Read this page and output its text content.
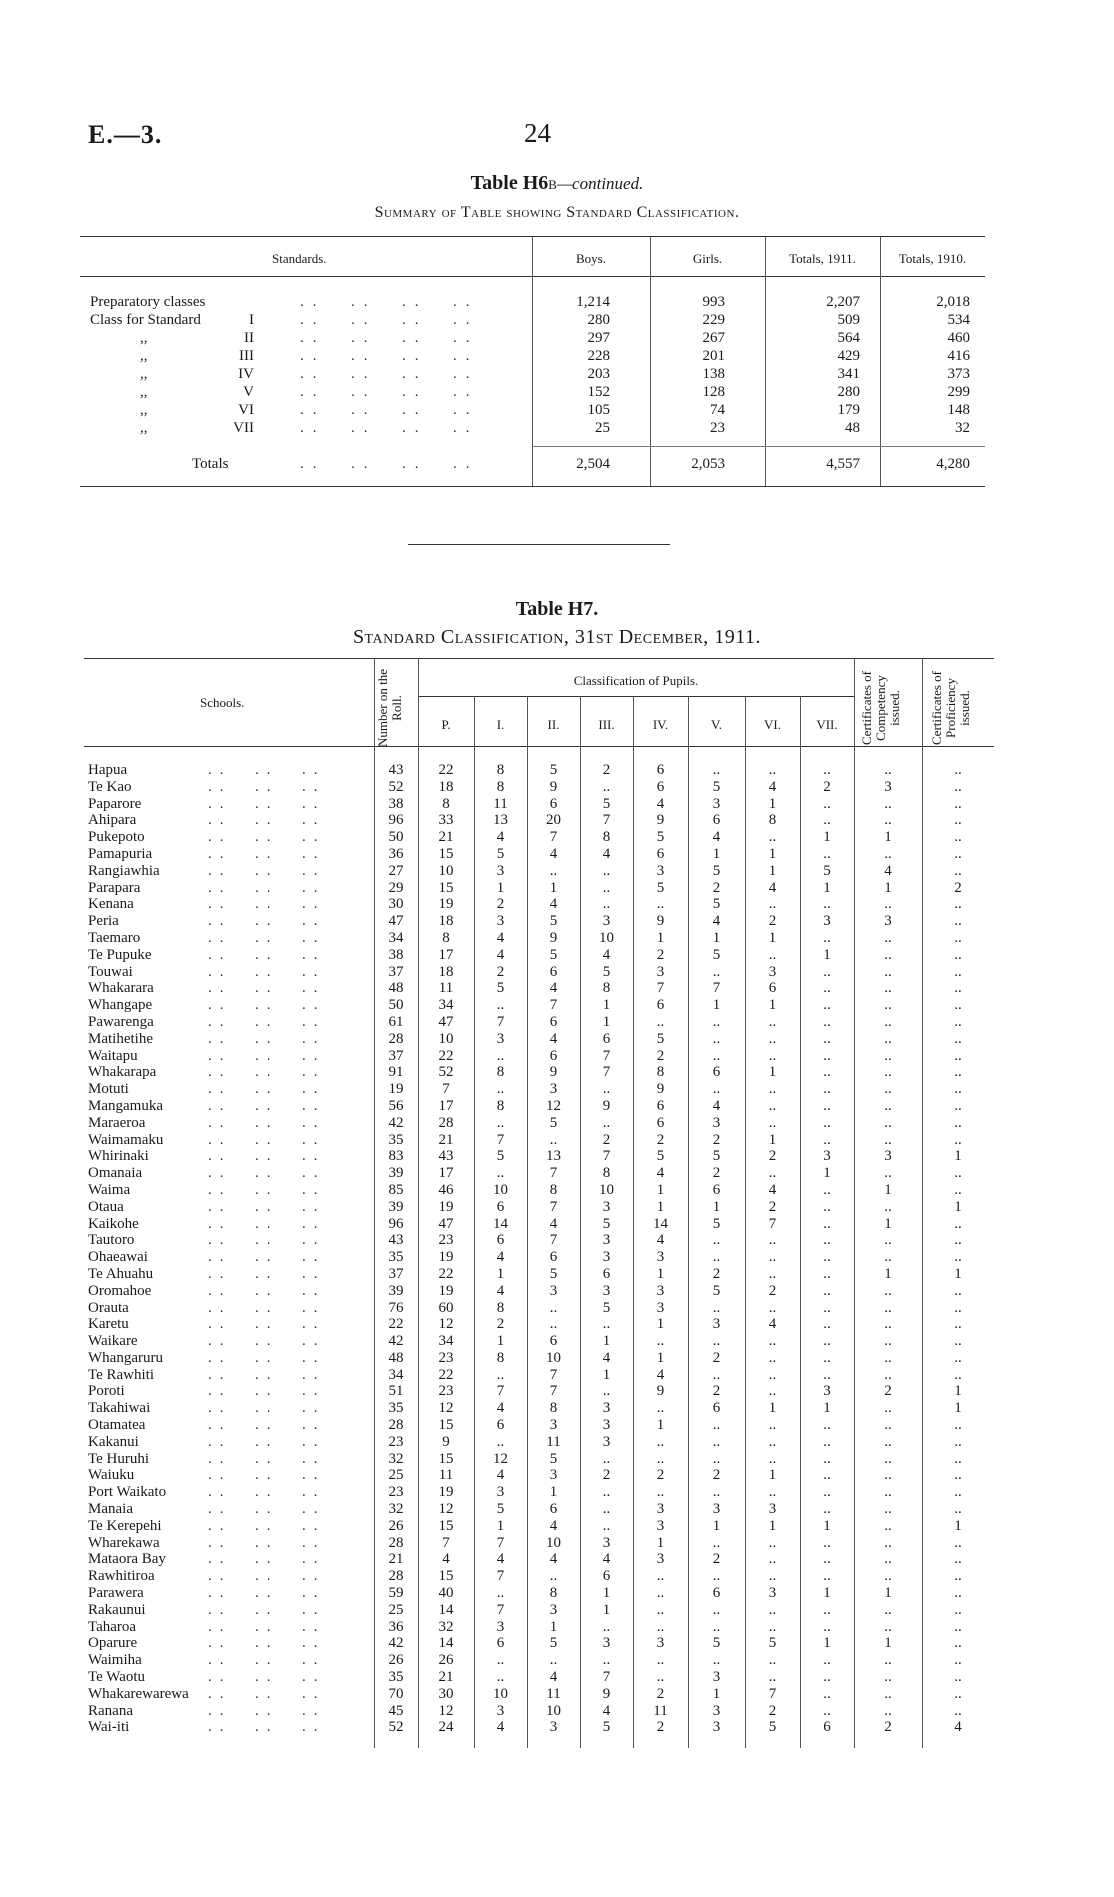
E.—3.	24
Table H6B—continued.
Summary of Table showing Standard Classification.
Standards.	Boys.	Girls.	Totals, 1911.	Totals, 1910.
Preparatory classes	..  ..  ..  ..	1,214	993	2,207	2,018
Class for Standard	I	..  ..  ..  ..	280	229	509	534
,,	II	..  ..  ..  ..	297	267	564	460
,,	III	..  ..  ..  ..	228	201	429	416
,,	IV	..  ..  ..  ..	203	138	341	373
,,	V	..  ..  ..  ..	152	128	280	299
,,	VI	..  ..  ..  ..	105	74	179	148
,,	VII	..  ..  ..  ..	25	23	48	32
Totals	..  ..  ..  ..	2,504	2,053	4,557	4,280
Table H7.
Standard Classification, 31st December, 1911.
Schools.	Number on the Roll.
Classification of Pupils.
P.	I.	II.	III.	IV.	V.	VI.	VII.	Certificates of Competency issued.	Certificates of Proficiency issued.
Hapua ..  ..  ..	43	22	8	5	2	6	..	..	..	..	..
Te Kao ..  ..  ..	52	18	8	9	..	6	5	4	2	3	..
Paparore ..  ..  ..	38	8	11	6	5	4	3	1	..	..	..
Ahipara ..  ..  ..	96	33	13	20	7	9	6	8	..	..	..
Pukepoto ..  ..  ..	50	21	4	7	8	5	4	..	1	1	..
Pamapuria ..  ..  ..	36	15	5	4	4	6	1	1	..	..	..
Rangiawhia ..  ..  ..	27	10	3	..	..	3	5	1	5	4	..
Parapara ..  ..  ..	29	15	1	1	..	5	2	4	1	1	2
Kenana ..  ..  ..	30	19	2	4	..	..	5	..	..	..	..
Peria ..  ..  ..	47	18	3	5	3	9	4	2	3	3	..
Taemaro ..  ..  ..	34	8	4	9	10	1	1	1	..	..	..
Te Pupuke ..  ..  ..	38	17	4	5	4	2	5	..	1	..	..
Touwai ..  ..  ..	37	18	2	6	5	3	..	3	..	..	..
Whakarara ..  ..  ..	48	11	5	4	8	7	7	6	..	..	..
Whangape ..  ..  ..	50	34	..	7	1	6	1	1	..	..	..
Pawarenga ..  ..  ..	61	47	7	6	1	..	..	..	..	..	..
Matihetihe ..  ..  ..	28	10	3	4	6	5	..	..	..	..	..
Waitapu ..  ..  ..	37	22	..	6	7	2	..	..	..	..	..
Whakarapa ..  ..  ..	91	52	8	9	7	8	6	1	..	..	..
Motuti ..  ..  ..	19	7	..	3	..	9	..	..	..	..	..
Mangamuka ..  ..  ..	56	17	8	12	9	6	4	..	..	..	..
Maraeroa ..  ..  ..	42	28	..	5	..	6	3	..	..	..	..
Waimamaku ..  ..  ..	35	21	7	..	2	2	2	1	..	..	..
Whirinaki ..  ..  ..	83	43	5	13	7	5	5	2	3	3	1
Omanaia ..  ..  ..	39	17	..	7	8	4	2	..	1	..	..
Waima ..  ..  ..	85	46	10	8	10	1	6	4	..	1	..
Otaua ..  ..  ..	39	19	6	7	3	1	1	2	..	..	1
Kaikohe ..  ..  ..	96	47	14	4	5	14	5	7	..	1	..
Tautoro ..  ..  ..	43	23	6	7	3	4	..	..	..	..	..
Ohaeawai ..  ..  ..	35	19	4	6	3	3	..	..	..	..	..
Te Ahuahu ..  ..  ..	37	22	1	5	6	1	2	..	..	1	1
Oromahoe ..  ..  ..	39	19	4	3	3	3	5	2	..	..	..
Orauta ..  ..  ..	76	60	8	..	5	3	..	..	..	..	..
Karetu ..  ..  ..	22	12	2	..	..	1	3	4	..	..	..
Waikare ..  ..  ..	42	34	1	6	1	..	..	..	..	..	..
Whangaruru ..  ..  ..	48	23	8	10	4	1	2	..	..	..	..
Te Rawhiti ..  ..  ..	34	22	..	7	1	4	..	..	..	..	..
Poroti ..  ..  ..	51	23	7	7	..	9	2	..	3	2	1
Takahiwai ..  ..  ..	35	12	4	8	3	..	6	1	1	..	1
Otamatea ..  ..  ..	28	15	6	3	3	1	..	..	..	..	..
Kakanui ..  ..  ..	23	9	..	11	3	..	..	..	..	..	..
Te Huruhi ..  ..  ..	32	15	12	5	..	..	..	..	..	..	..
Waiuku ..  ..  ..	25	11	4	3	2	2	2	1	..	..	..
Port Waikato ..  ..  ..	23	19	3	1	..	..	..	..	..	..	..
Manaia ..  ..  ..	32	12	5	6	..	3	3	3	..	..	..
Te Kerepehi ..  ..  ..	26	15	1	4	..	3	1	1	1	..	1
Wharekawa ..  ..  ..	28	7	7	10	3	1	..	..	..	..	..
Mataora Bay ..  ..  ..	21	4	4	4	4	3	2	..	..	..	..
Rawhitiroa ..  ..  ..	28	15	7	..	6	..	..	..	..	..	..
Parawera ..  ..  ..	59	40	..	8	1	..	6	3	1	1	..
Rakaunui ..  ..  ..	25	14	7	3	1	..	..	..	..	..	..
Taharoa ..  ..  ..	36	32	3	1	..	..	..	..	..	..	..
Oparure ..  ..  ..	42	14	6	5	3	3	5	5	1	1	..
Waimiha ..  ..  ..	26	26	..	..	..	..	..	..	..	..	..
Te Waotu ..  ..  ..	35	21	..	4	7	..	3	..	..	..	..
Whakarewarewa ..  ..  ..	70	30	10	11	9	2	1	7	..	..	..
Ranana ..  ..  ..	45	12	3	10	4	11	3	2	..	..	..
Wai-iti ..  ..  ..	52	24	4	3	5	2	3	5	6	2	4
